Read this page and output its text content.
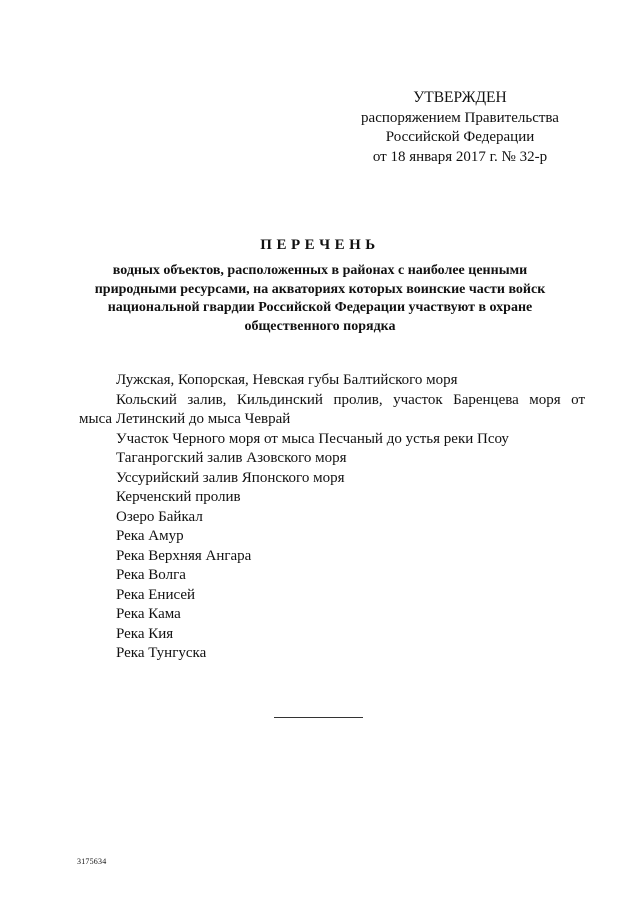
УТВЕРЖДЕН
распоряжением Правительства
Российской Федерации
от 18 января 2017 г. № 32-р
ПЕРЕЧЕНЬ
водных объектов, расположенных в районах с наиболее ценными
природными ресурсами, на акваториях которых воинские части войск
национальной гвардии Российской Федерации участвуют в охране
общественного порядка
Лужская, Копорская, Невская губы Балтийского моря
Кольский залив, Кильдинский пролив, участок Баренцева моря от
мыса Летинский до мыса Чеврай
Участок Черного моря от мыса Песчаный до устья реки Псоу
Таганрогский залив Азовского моря
Уссурийский залив Японского моря
Керченский пролив
Озеро Байкал
Река Амур
Река Верхняя Ангара
Река Волга
Река Енисей
Река Кама
Река Кия
Река Тунгуска
3175634
